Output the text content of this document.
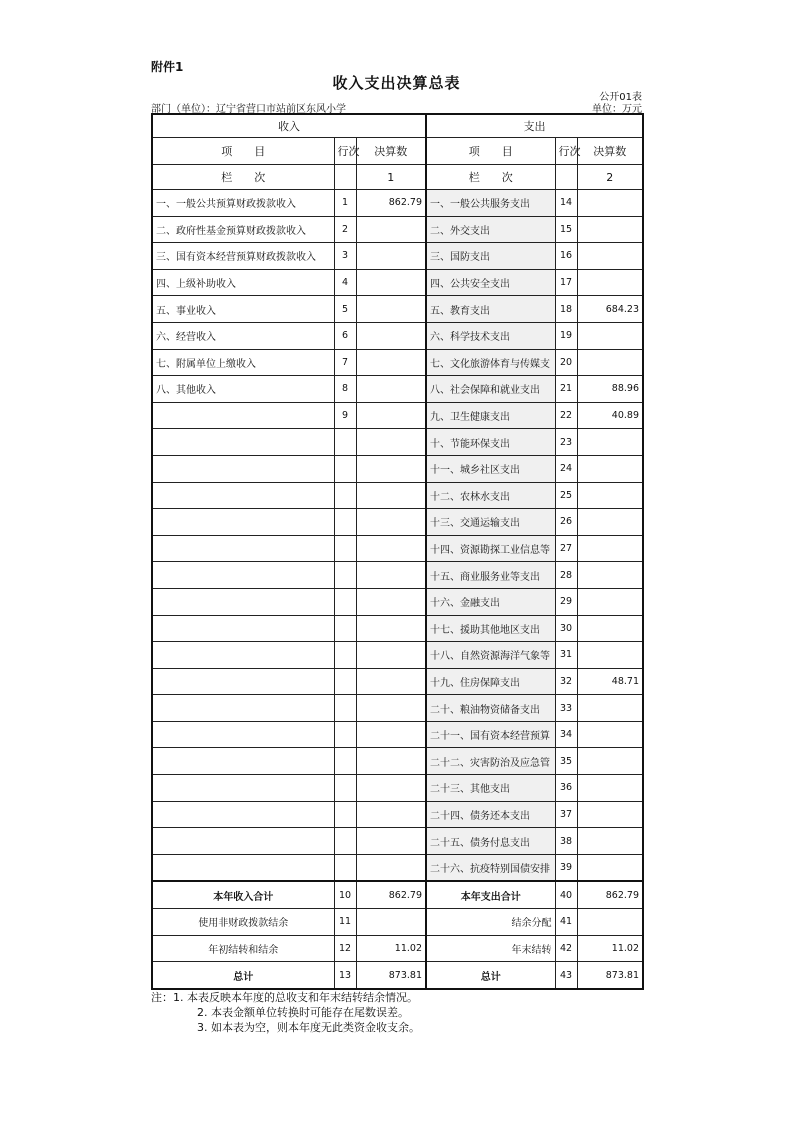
附件1
收入支出决算总表
公开01表
部门（单位）：辽宁省营口市站前区东风小学	单位：万元
收入			支出		
项　　目	行次	决算数	项　　目	行次	决算数
栏　　次		1	栏　　次		2
一、一般公共预算财政拨款收入	1	862.79	一、一般公共服务支出	14	
二、政府性基金预算财政拨款收入	2		二、外交支出	15	
三、国有资本经营预算财政拨款收入	3		三、国防支出	16	
四、上级补助收入	4		四、公共安全支出	17	
五、事业收入	5		五、教育支出	18	684.23
六、经营收入	6		六、科学技术支出	19	
七、附属单位上缴收入	7		七、文化旅游体育与传媒支	20	
八、其他收入	8		八、社会保障和就业支出	21	88.96
	9		九、卫生健康支出	22	40.89
			十、节能环保支出	23	
			十一、城乡社区支出	24	
			十二、农林水支出	25	
			十三、交通运输支出	26	
			十四、资源勘探工业信息等	27	
			十五、商业服务业等支出	28	
			十六、金融支出	29	
			十七、援助其他地区支出	30	
			十八、自然资源海洋气象等	31	
			十九、住房保障支出	32	48.71
			二十、粮油物资储备支出	33	
			二十一、国有资本经营预算	34	
			二十二、灾害防治及应急管	35	
			二十三、其他支出	36	
			二十四、债务还本支出	37	
			二十五、债务付息支出	38	
			二十六、抗疫特别国债安排	39	
本年收入合计	10	862.79	本年支出合计	40	862.79
使用非财政拨款结余	11		结余分配	41	
年初结转和结余	12	11.02	年末结转	42	11.02
总计	13	873.81	总计	43	873.81
注：1. 本表反映本年度的总收支和年末结转结余情况。
2. 本表金额单位转换时可能存在尾数误差。
3. 如本表为空，则本年度无此类资金收支余。
